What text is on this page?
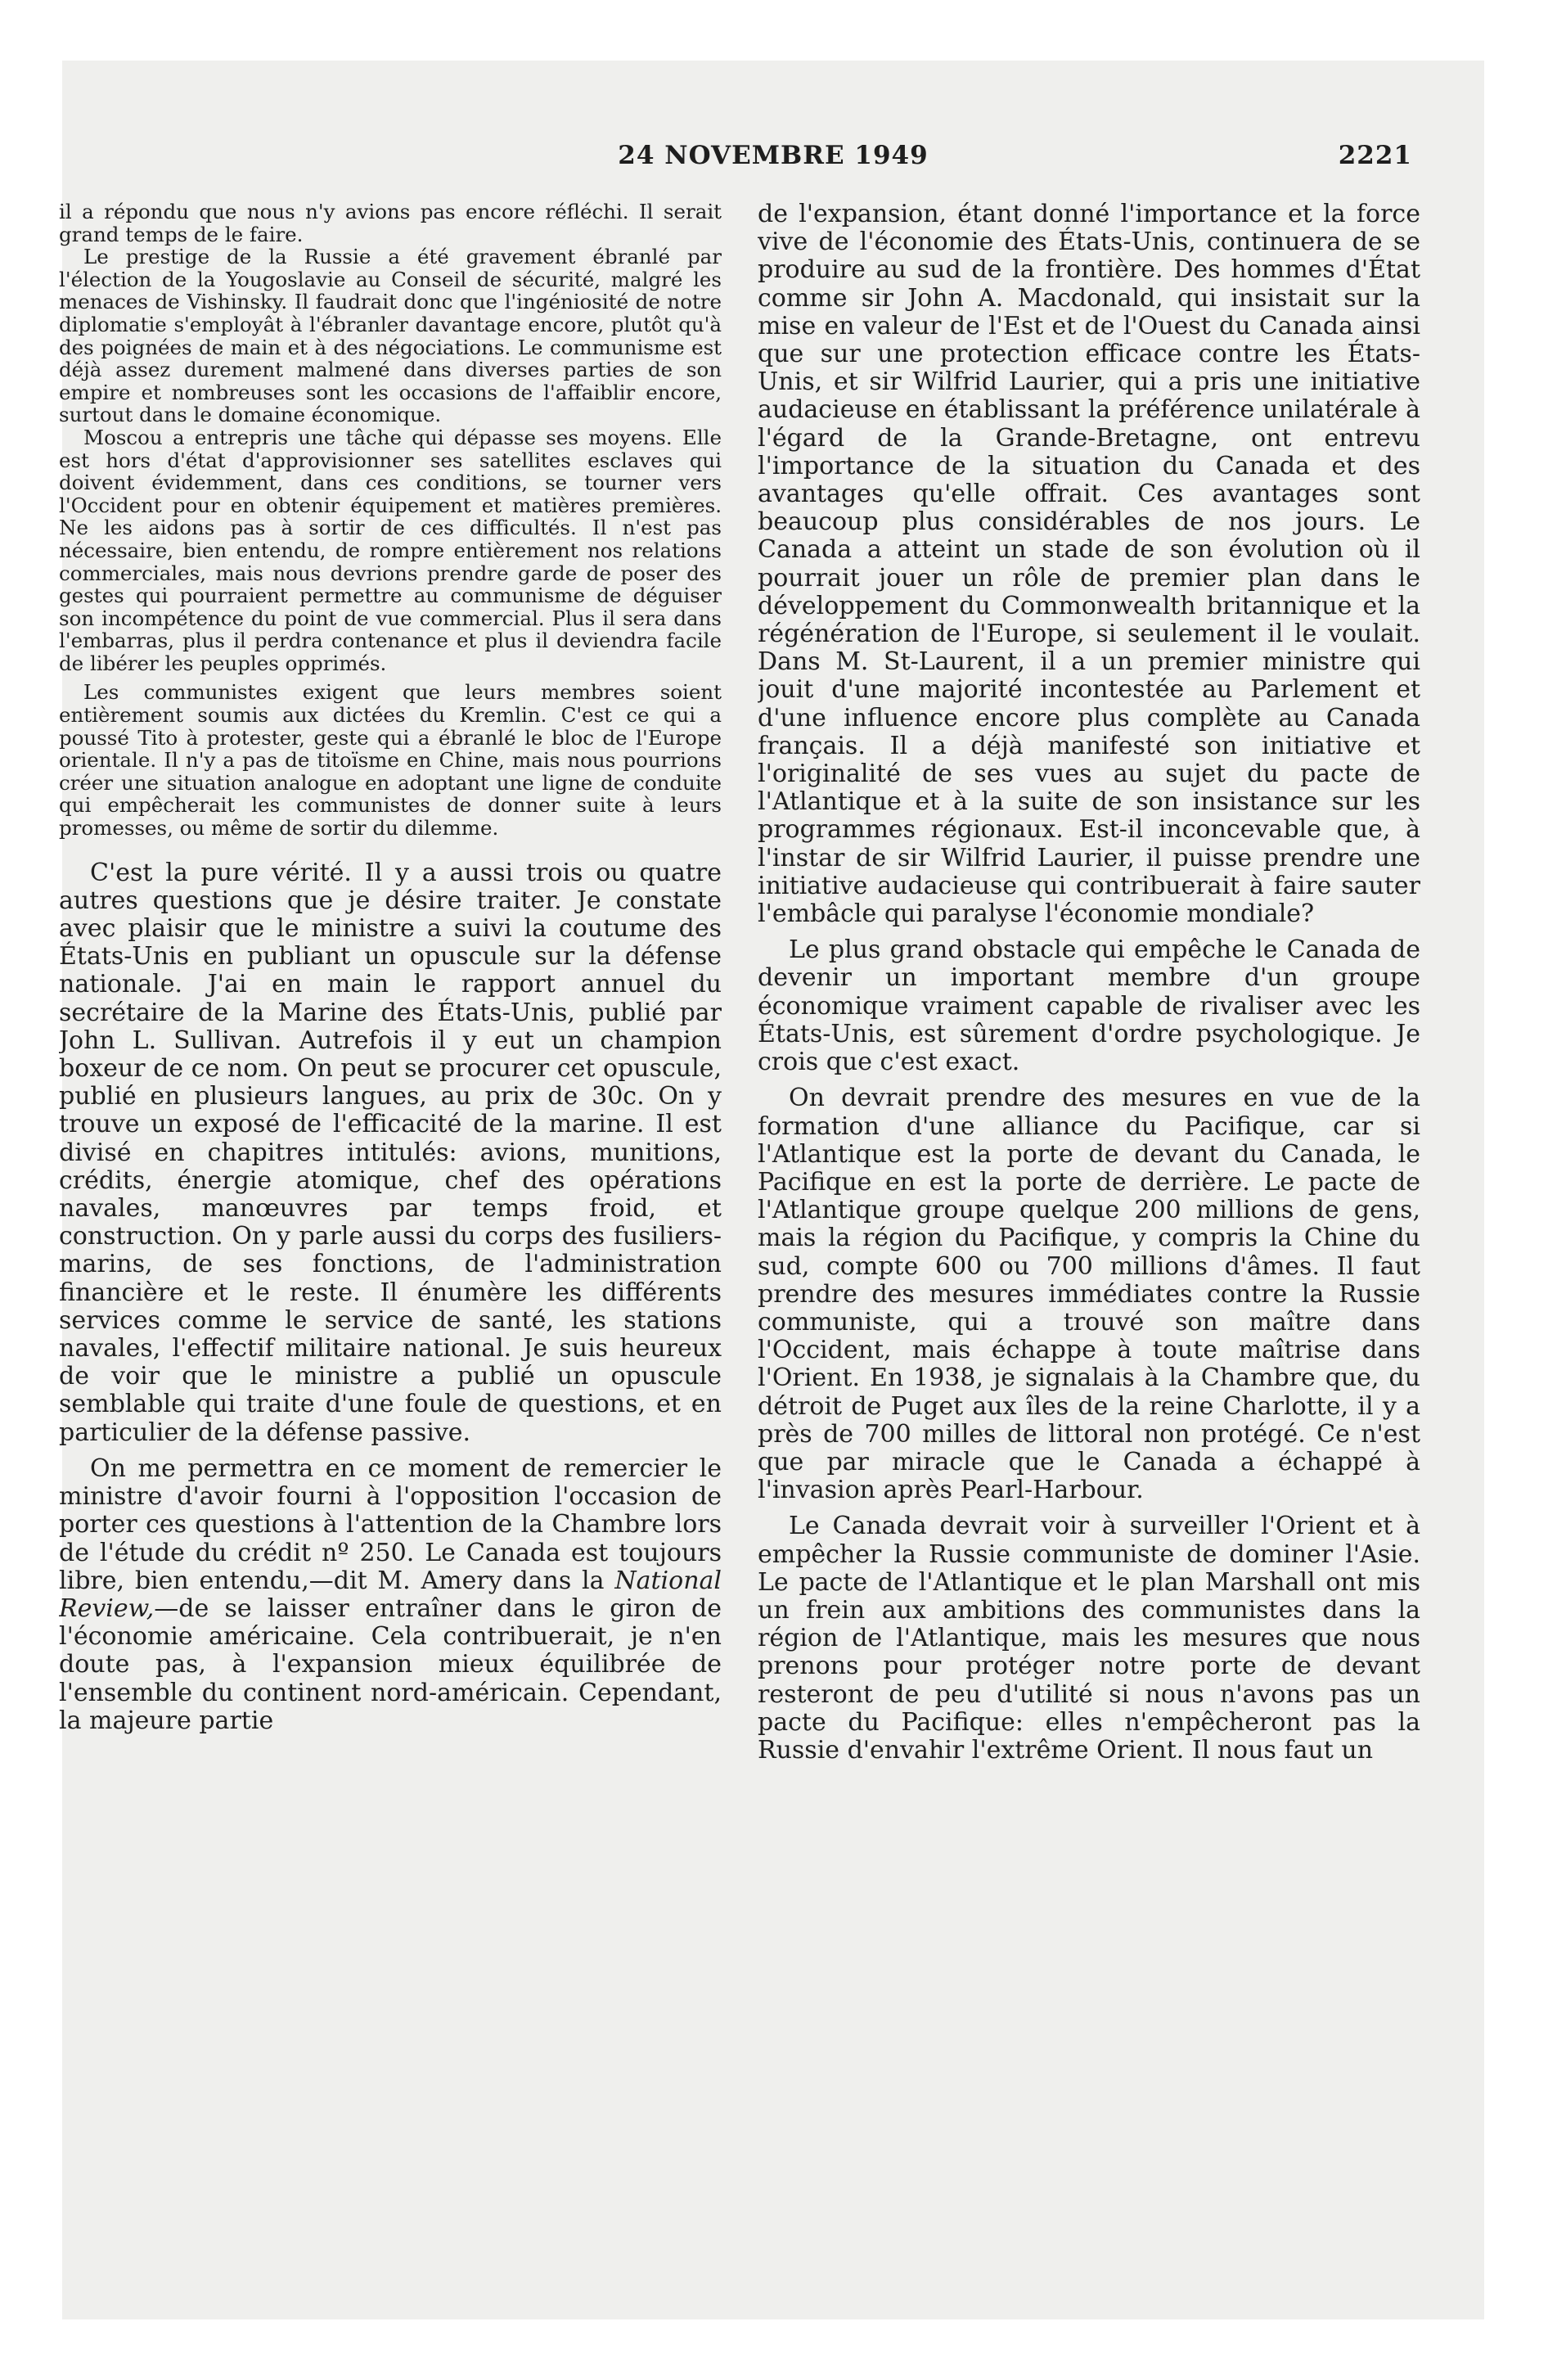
24 NOVEMBRE 1949	2221

il a répondu que nous n'y avions pas encore réfléchi. Il serait grand temps de le faire.

Le prestige de la Russie a été gravement ébranlé par l'élection de la Yougoslavie au Conseil de sécurité, malgré les menaces de Vishinsky. Il faudrait donc que l'ingéniosité de notre diplomatie s'employât à l'ébranler davantage encore, plutôt qu'à des poignées de main et à des négociations. Le communisme est déjà assez durement malmené dans diverses parties de son empire et nombreuses sont les occasions de l'affaiblir encore, surtout dans le domaine économique.

Moscou a entrepris une tâche qui dépasse ses moyens. Elle est hors d'état d'approvisionner ses satellites esclaves qui doivent évidemment, dans ces conditions, se tourner vers l'Occident pour en obtenir équipement et matières premières. Ne les aidons pas à sortir de ces difficultés. Il n'est pas nécessaire, bien entendu, de rompre entièrement nos relations commerciales, mais nous devrions prendre garde de poser des gestes qui pourraient permettre au communisme de déguiser son incompétence du point de vue commercial. Plus il sera dans l'embarras, plus il perdra contenance et plus il deviendra facile de libérer les peuples opprimés.

Les communistes exigent que leurs membres soient entièrement soumis aux dictées du Kremlin. C'est ce qui a poussé Tito à protester, geste qui a ébranlé le bloc de l'Europe orientale. Il n'y a pas de titoïsme en Chine, mais nous pourrions créer une situation analogue en adoptant une ligne de conduite qui empêcherait les communistes de donner suite à leurs promesses, ou même de sortir du dilemme.

C'est la pure vérité. Il y a aussi trois ou quatre autres questions que je désire traiter. Je constate avec plaisir que le ministre a suivi la coutume des États-Unis en publiant un opuscule sur la défense nationale. J'ai en main le rapport annuel du secrétaire de la Marine des États-Unis, publié par John L. Sullivan. Autrefois il y eut un champion boxeur de ce nom. On peut se procurer cet opuscule, publié en plusieurs langues, au prix de 30c. On y trouve un exposé de l'efficacité de la marine. Il est divisé en chapitres intitulés: avions, munitions, crédits, énergie atomique, chef des opérations navales, manœuvres par temps froid, et construction. On y parle aussi du corps des fusiliers-marins, de ses fonctions, de l'administration financière et le reste. Il énumère les différents services comme le service de santé, les stations navales, l'effectif militaire national. Je suis heureux de voir que le ministre a publié un opuscule semblable qui traite d'une foule de questions, et en particulier de la défense passive.

On me permettra en ce moment de remercier le ministre d'avoir fourni à l'opposition l'occasion de porter ces questions à l'attention de la Chambre lors de l'étude du crédit nº 250. Le Canada est toujours libre, bien entendu,—dit M. Amery dans la National Review,—de se laisser entraîner dans le giron de l'économie américaine. Cela contribuerait, je n'en doute pas, à l'expansion mieux équilibrée de l'ensemble du continent nord-américain. Cependant, la majeure partie

de l'expansion, étant donné l'importance et la force vive de l'économie des États-Unis, continuera de se produire au sud de la frontière. Des hommes d'État comme sir John A. Macdonald, qui insistait sur la mise en valeur de l'Est et de l'Ouest du Canada ainsi que sur une protection efficace contre les États-Unis, et sir Wilfrid Laurier, qui a pris une initiative audacieuse en établissant la préférence unilatérale à l'égard de la Grande-Bretagne, ont entrevu l'importance de la situation du Canada et des avantages qu'elle offrait. Ces avantages sont beaucoup plus considérables de nos jours. Le Canada a atteint un stade de son évolution où il pourrait jouer un rôle de premier plan dans le développement du Commonwealth britannique et la régénération de l'Europe, si seulement il le voulait. Dans M. St-Laurent, il a un premier ministre qui jouit d'une majorité incontestée au Parlement et d'une influence encore plus complète au Canada français. Il a déjà manifesté son initiative et l'originalité de ses vues au sujet du pacte de l'Atlantique et à la suite de son insistance sur les programmes régionaux. Est-il inconcevable que, à l'instar de sir Wilfrid Laurier, il puisse prendre une initiative audacieuse qui contribuerait à faire sauter l'embâcle qui paralyse l'économie mondiale?

Le plus grand obstacle qui empêche le Canada de devenir un important membre d'un groupe économique vraiment capable de rivaliser avec les États-Unis, est sûrement d'ordre psychologique. Je crois que c'est exact.

On devrait prendre des mesures en vue de la formation d'une alliance du Pacifique, car si l'Atlantique est la porte de devant du Canada, le Pacifique en est la porte de derrière. Le pacte de l'Atlantique groupe quelque 200 millions de gens, mais la région du Pacifique, y compris la Chine du sud, compte 600 ou 700 millions d'âmes. Il faut prendre des mesures immédiates contre la Russie communiste, qui a trouvé son maître dans l'Occident, mais échappe à toute maîtrise dans l'Orient. En 1938, je signalais à la Chambre que, du détroit de Puget aux îles de la reine Charlotte, il y a près de 700 milles de littoral non protégé. Ce n'est que par miracle que le Canada a échappé à l'invasion après Pearl-Harbour.

Le Canada devrait voir à surveiller l'Orient et à empêcher la Russie communiste de dominer l'Asie. Le pacte de l'Atlantique et le plan Marshall ont mis un frein aux ambitions des communistes dans la région de l'Atlantique, mais les mesures que nous prenons pour protéger notre porte de devant resteront de peu d'utilité si nous n'avons pas un pacte du Pacifique: elles n'empêcheront pas la Russie d'envahir l'extrême Orient. Il nous faut un
